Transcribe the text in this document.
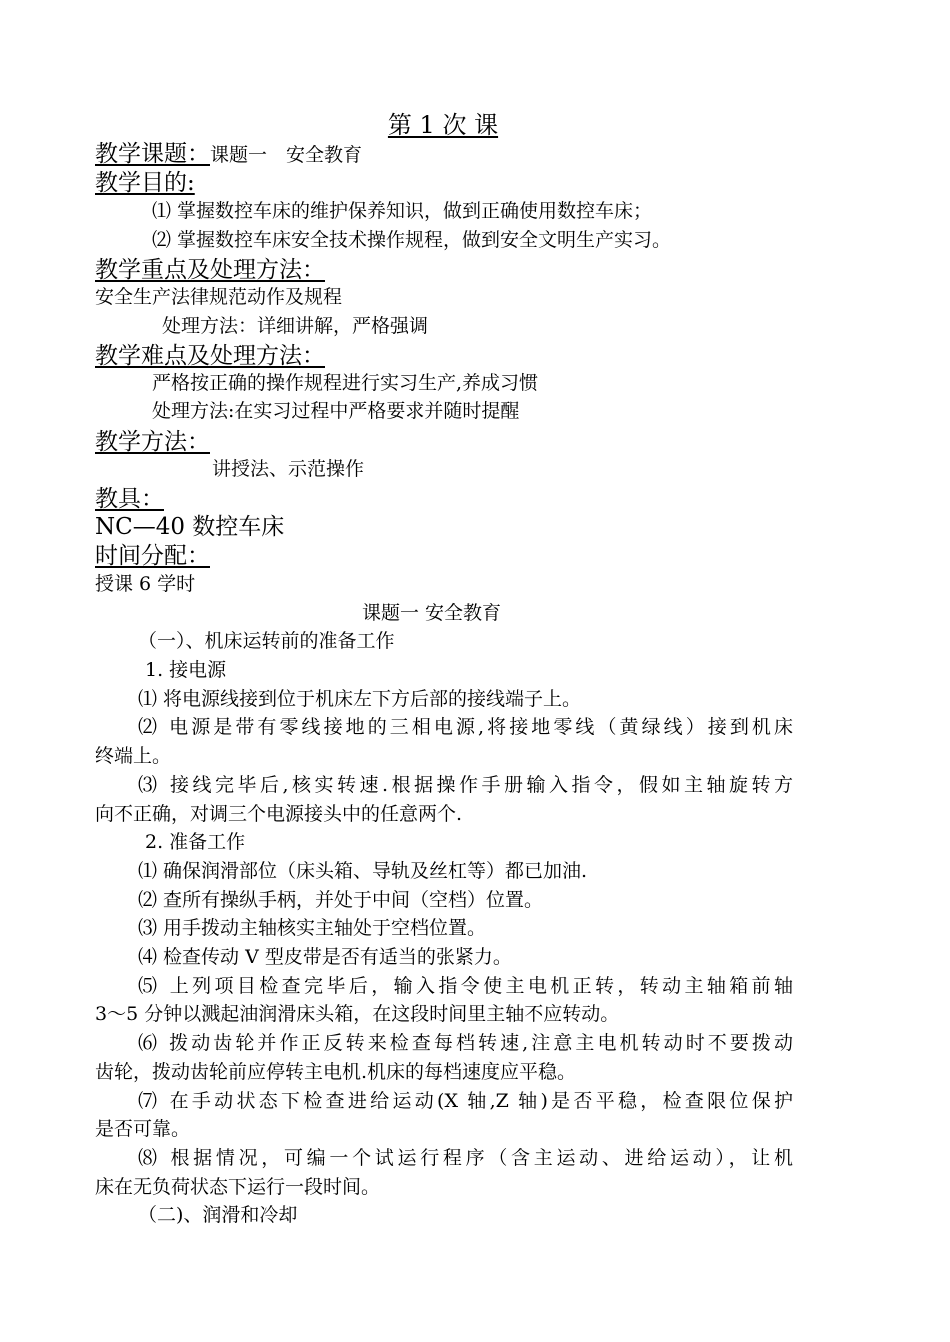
第 1 次 课
教学课题：课题一　安全教育
教学目的:
⑴ 掌握数控车床的维护保养知识，做到正确使用数控车床；
⑵ 掌握数控车床安全技术操作规程，做到安全文明生产实习。
教学重点及处理方法：
安全生产法律规范动作及规程
处理方法：详细讲解，严格强调
教学难点及处理方法：
严格按正确的操作规程进行实习生产,养成习惯
处理方法:在实习过程中严格要求并随时提醒
教学方法：
讲授法、示范操作
教具：
NC—40 数控车床
时间分配：
授课 6 学时
课题一 安全教育
（一）、机床运转前的准备工作
1. 接电源
⑴ 将电源线接到位于机床左下方后部的接线端子上。
⑵ 电源是带有零线接地的三相电源,将接地零线（黄绿线）接到机床
终端上。
⑶ 接线完毕后,核实转速.根据操作手册输入指令，假如主轴旋转方
向不正确，对调三个电源接头中的任意两个.
2. 准备工作
⑴ 确保润滑部位（床头箱、导轨及丝杠等）都已加油.
⑵ 查所有操纵手柄，并处于中间（空档）位置。
⑶ 用手拨动主轴核实主轴处于空档位置。
⑷ 检查传动 V 型皮带是否有适当的张紧力。
⑸ 上列项目检查完毕后，输入指令使主电机正转，转动主轴箱前轴
3～5 分钟以溅起油润滑床头箱，在这段时间里主轴不应转动。
⑹ 拨动齿轮并作正反转来检查每档转速,注意主电机转动时不要拨动
齿轮，拨动齿轮前应停转主电机.机床的每档速度应平稳。
⑺ 在手动状态下检查进给运动(X 轴,Z 轴)是否平稳，检查限位保护
是否可靠。
⑻ 根据情况，可编一个试运行程序（含主运动、进给运动），让机
床在无负荷状态下运行一段时间。
（二)、润滑和冷却
